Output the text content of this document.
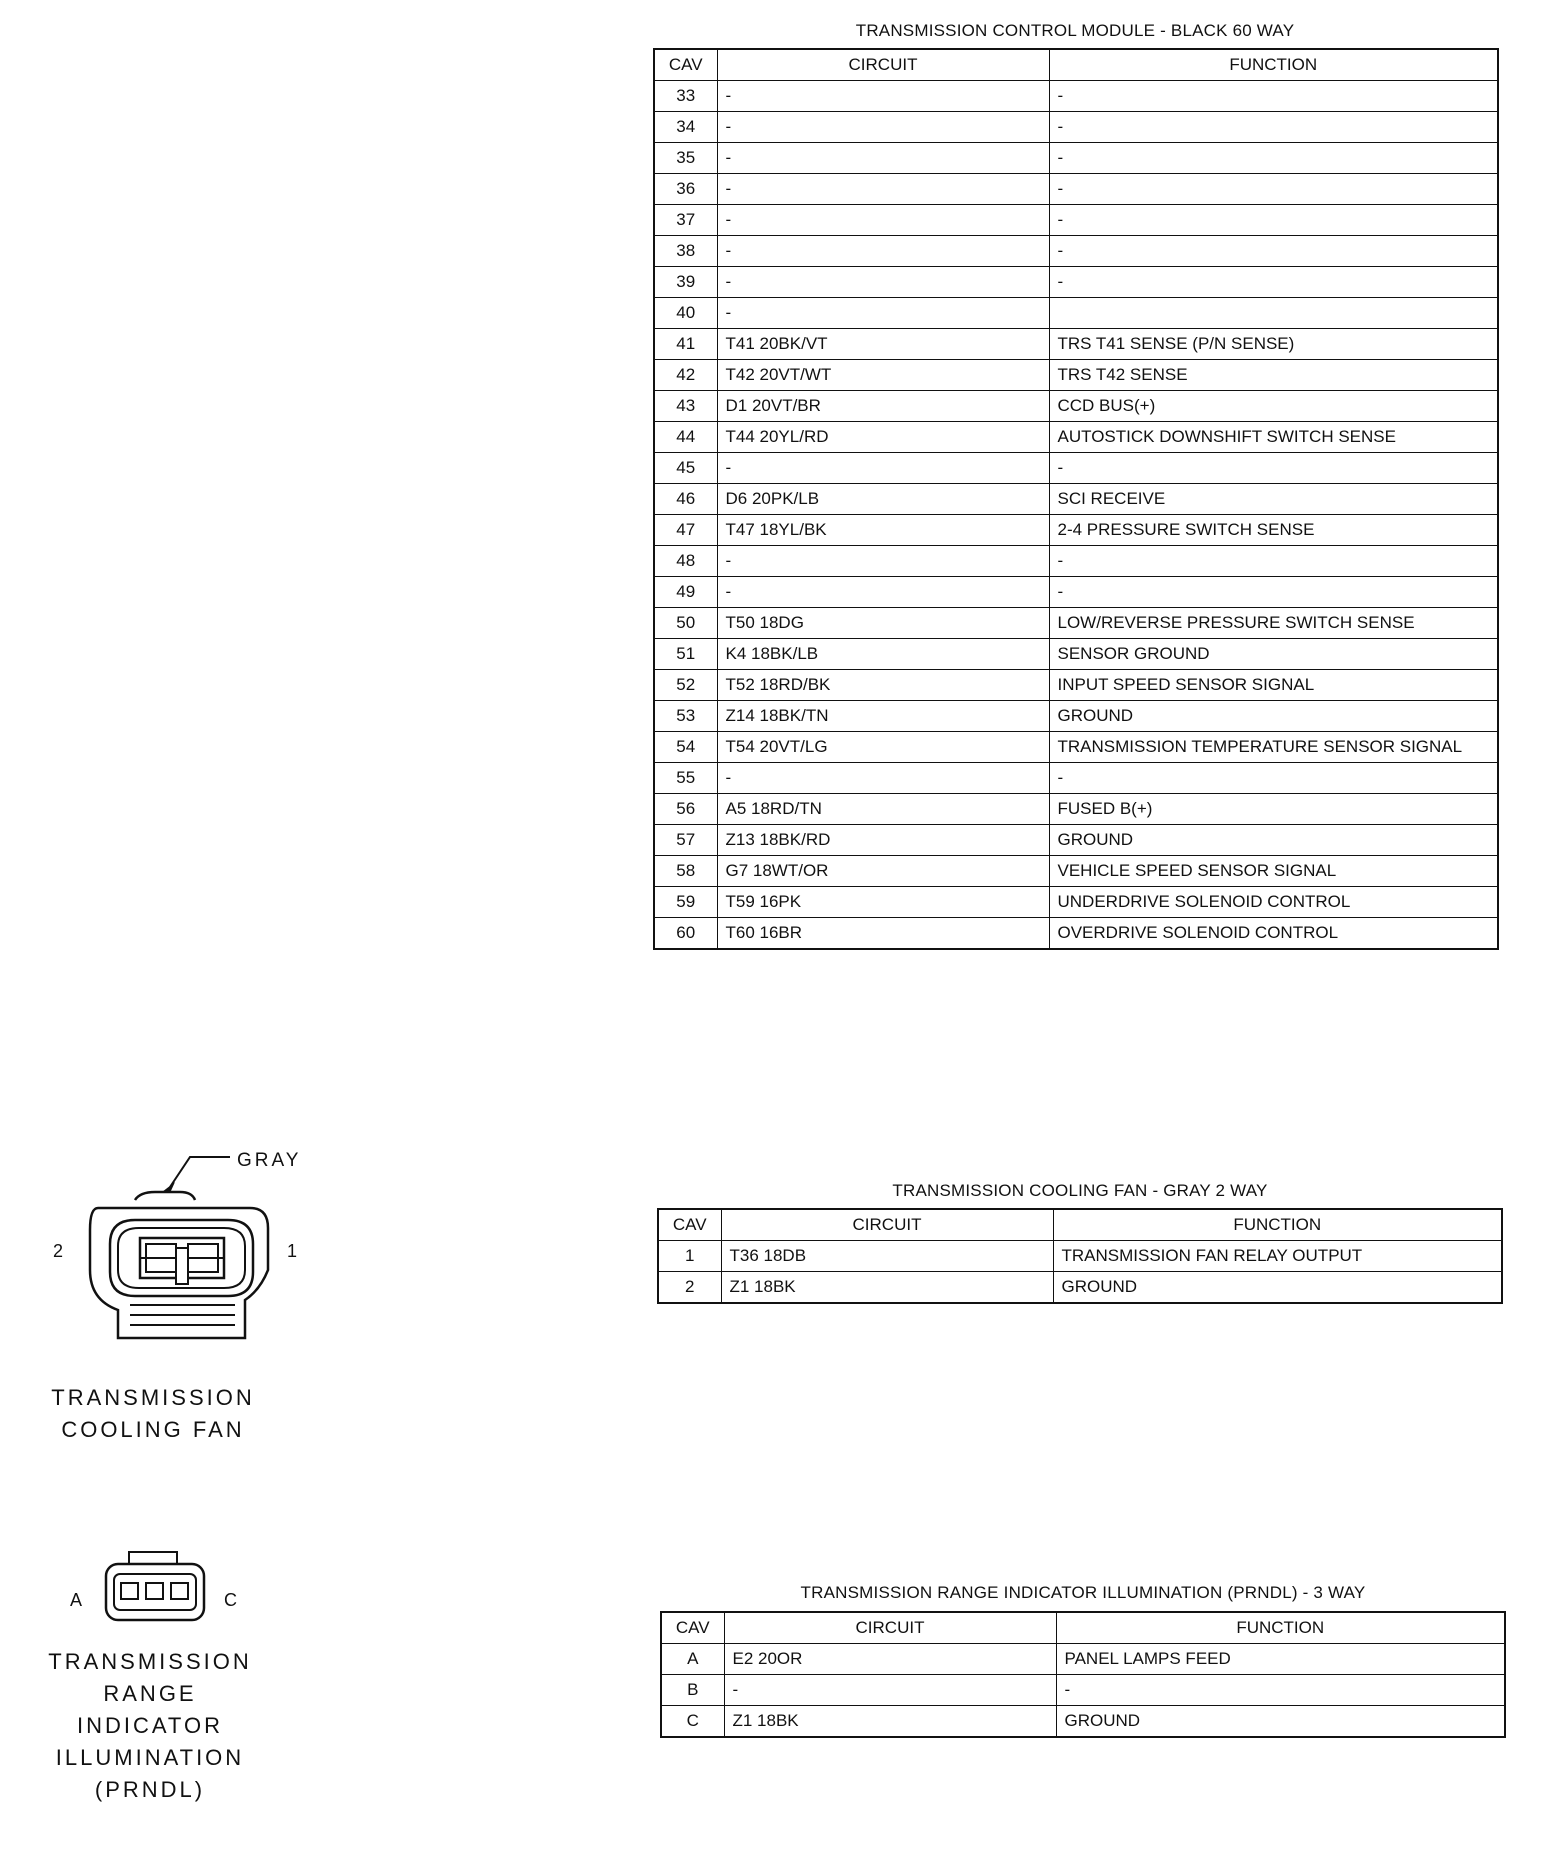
TRANSMISSION CONTROL MODULE - BLACK 60 WAY
CAV	CIRCUIT	FUNCTION
33	-	-
34	-	-
35	-	-
36	-	-
37	-	-
38	-	-
39	-	-
40	-	
41	T41 20BK/VT	TRS T41 SENSE (P/N SENSE)
42	T42 20VT/WT	TRS T42 SENSE
43	D1 20VT/BR	CCD BUS(+)
44	T44 20YL/RD	AUTOSTICK DOWNSHIFT SWITCH SENSE
45	-	-
46	D6 20PK/LB	SCI RECEIVE
47	T47 18YL/BK	2-4 PRESSURE SWITCH SENSE
48	-	-
49	-	-
50	T50 18DG	LOW/REVERSE PRESSURE SWITCH SENSE
51	K4 18BK/LB	SENSOR GROUND
52	T52 18RD/BK	INPUT SPEED SENSOR SIGNAL
53	Z14 18BK/TN	GROUND
54	T54 20VT/LG	TRANSMISSION TEMPERATURE SENSOR SIGNAL
55	-	-
56	A5 18RD/TN	FUSED B(+)
57	Z13 18BK/RD	GROUND
58	G7 18WT/OR	VEHICLE SPEED SENSOR SIGNAL
59	T59 16PK	UNDERDRIVE SOLENOID CONTROL
60	T60 16BR	OVERDRIVE SOLENOID CONTROL
TRANSMISSION COOLING FAN - GRAY 2 WAY
CAV	CIRCUIT	FUNCTION
1	T36 18DB	TRANSMISSION FAN RELAY OUTPUT
2	Z1 18BK	GROUND
TRANSMISSION RANGE INDICATOR ILLUMINATION (PRNDL) - 3 WAY
CAV	CIRCUIT	FUNCTION
A	E2 20OR	PANEL LAMPS FEED
B	-	-
C	Z1 18BK	GROUND
GRAY
2	1
TRANSMISSION
COOLING FAN
A	C
TRANSMISSION
RANGE
INDICATOR
ILLUMINATION
(PRNDL)
